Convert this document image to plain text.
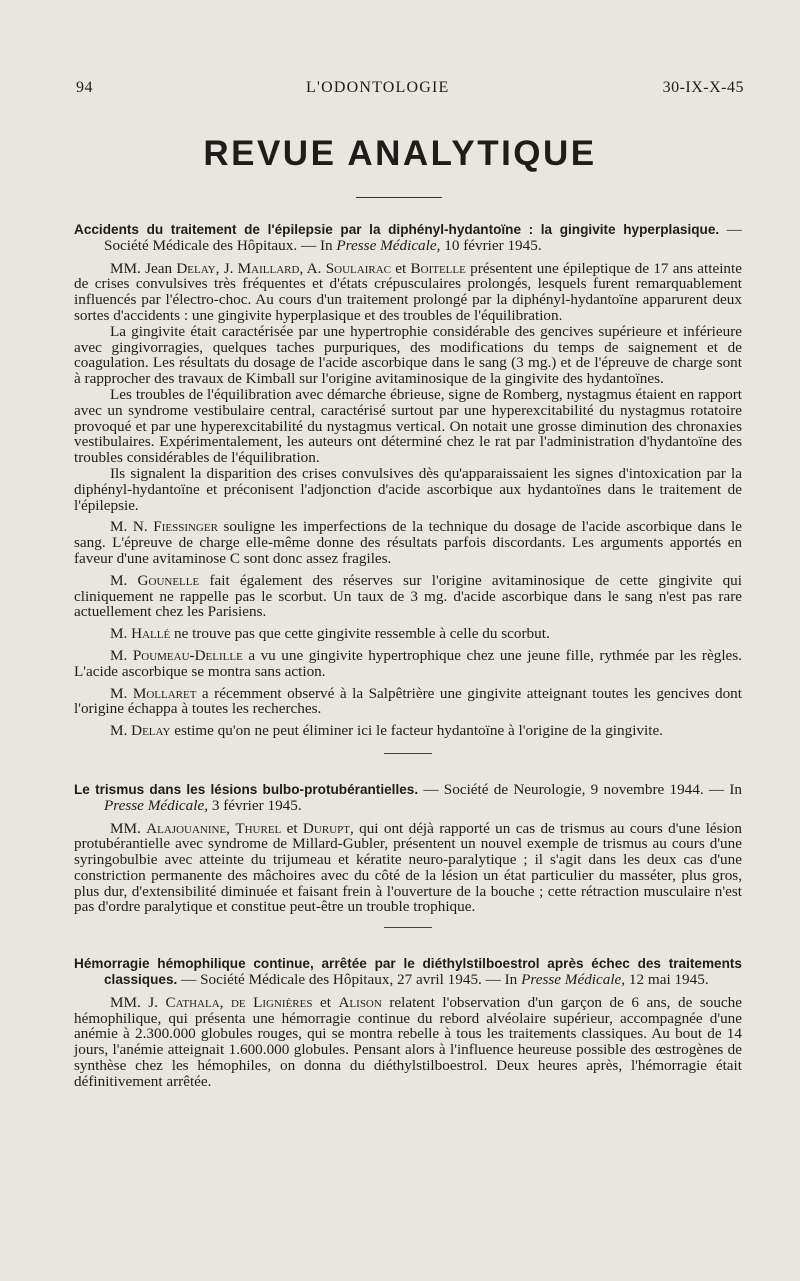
94	L'ODONTOLOGIE	30-IX-X-45
REVUE ANALYTIQUE

Accidents du traitement de l'épilepsie par la diphényl-hydantoïne : la gingivite hyperplasique. — Société Médicale des Hôpitaux. — In Presse Médicale, 10 février 1945.

MM. Jean Delay, J. Maillard, A. Soulairac et Boitelle présentent une épileptique de 17 ans atteinte de crises convulsives très fréquentes et d'états crépusculaires prolongés, lesquels furent remarquablement influencés par l'électro-choc. Au cours d'un traitement prolongé par la diphényl-hydantoïne apparurent deux sortes d'accidents : une gingivite hyperplasique et des troubles de l'équilibration.

La gingivite était caractérisée par une hypertrophie considérable des gencives supérieure et inférieure avec gingivorragies, quelques taches purpuriques, des modifications du temps de saignement et de coagulation. Les résultats du dosage de l'acide ascorbique dans le sang (3 mg.) et de l'épreuve de charge sont à rapprocher des travaux de Kimball sur l'origine avitaminosique de la gingivite des hydantoïnes.

Les troubles de l'équilibration avec démarche ébrieuse, signe de Romberg, nystagmus étaient en rapport avec un syndrome vestibulaire central, caractérisé surtout par une hyperexcitabilité du nystagmus rotatoire provoqué et par une hyperexcitabilité du nystagmus vertical. On notait une grosse diminution des chronaxies vestibulaires. Expérimentalement, les auteurs ont déterminé chez le rat par l'administration d'hydantoïne des troubles considérables de l'équilibration.

Ils signalent la disparition des crises convulsives dès qu'apparaissaient les signes d'intoxication par la diphényl-hydantoïne et préconisent l'adjonction d'acide ascorbique aux hydantoïnes dans le traitement de l'épilepsie.

M. N. Fiessinger souligne les imperfections de la technique du dosage de l'acide ascorbique dans le sang. L'épreuve de charge elle-même donne des résultats parfois discordants. Les arguments apportés en faveur d'une avitaminose C sont donc assez fragiles.

M. Gounelle fait également des réserves sur l'origine avitaminosique de cette gingivite qui cliniquement ne rappelle pas le scorbut. Un taux de 3 mg. d'acide ascorbique dans le sang n'est pas rare actuellement chez les Parisiens.

M. Hallé ne trouve pas que cette gingivite ressemble à celle du scorbut.

M. Poumeau-Delille a vu une gingivite hypertrophique chez une jeune fille, rythmée par les règles. L'acide ascorbique se montra sans action.

M. Mollaret a récemment observé à la Salpêtrière une gingivite atteignant toutes les gencives dont l'origine échappa à toutes les recherches.

M. Delay estime qu'on ne peut éliminer ici le facteur hydantoïne à l'origine de la gingivite.

Le trismus dans les lésions bulbo-protubérantielles. — Société de Neurologie, 9 novembre 1944. — In Presse Médicale, 3 février 1945.

MM. Alajouanine, Thurel et Durupt, qui ont déjà rapporté un cas de trismus au cours d'une lésion protubérantielle avec syndrome de Millard-Gubler, présentent un nouvel exemple de trismus au cours d'une syringobulbie avec atteinte du trijumeau et kératite neuro-paralytique ; il s'agit dans les deux cas d'une constriction permanente des mâchoires avec du côté de la lésion un état particulier du masséter, plus gros, plus dur, d'extensibilité diminuée et faisant frein à l'ouverture de la bouche ; cette rétraction musculaire n'est pas d'ordre paralytique et constitue peut-être un trouble trophique.

Hémorragie hémophilique continue, arrêtée par le diéthylstilboestrol après échec des traitements classiques. — Société Médicale des Hôpitaux, 27 avril 1945. — In Presse Médicale, 12 mai 1945.

MM. J. Cathala, de Lignières et Alison relatent l'observation d'un garçon de 6 ans, de souche hémophilique, qui présenta une hémorragie continue du rebord alvéolaire supérieur, accompagnée d'une anémie à 2.300.000 globules rouges, qui se montra rebelle à tous les traitements classiques. Au bout de 14 jours, l'anémie atteignait 1.600.000 globules. Pensant alors à l'influence heureuse possible des œstrogènes de synthèse chez les hémophiles, on donna du diéthylstilboestrol. Deux heures après, l'hémorragie était définitivement arrêtée.
